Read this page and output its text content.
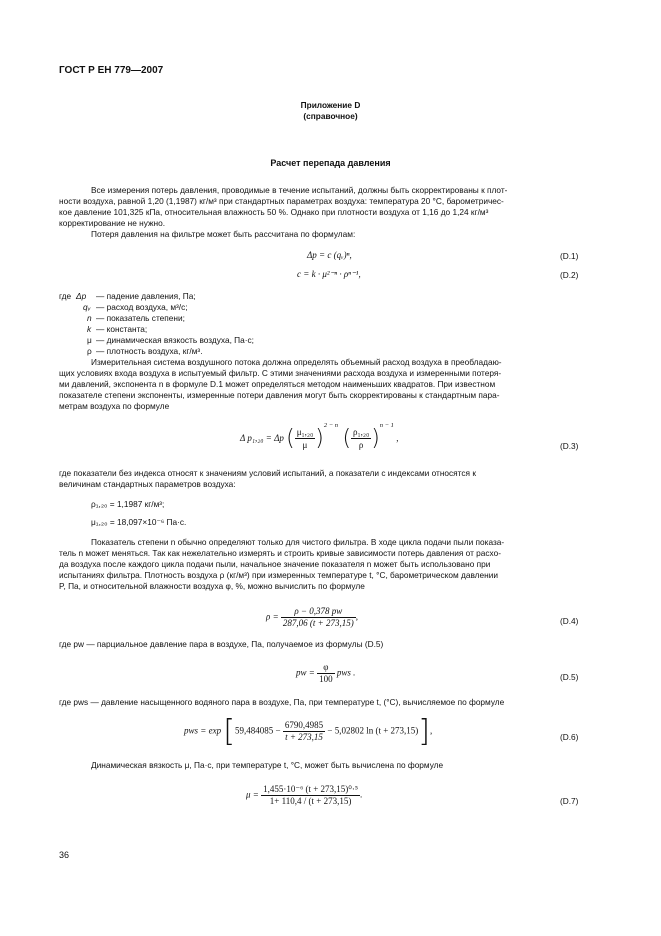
ГОСТ Р ЕН 779—2007
Приложение D
(справочное)
Расчет перепада давления
Все измерения потерь давления, проводимые в течение испытаний, должны быть скорректированы к плот-
ности воздуха, равной 1,20 (1,1987) кг/м³ при стандартных параметрах воздуха: температура 20 °С, барометричес-
кое давление 101,325 кПа, относительная влажность 50 %. Однако при плотности воздуха от 1,16 до 1,24 кг/м³
корректирование не нужно.
Потеря давления на фильтре может быть рассчитана по формулам:
Δp = c (qᵥ)ⁿ,	(D.1)
c = k · μ²⁻ⁿ · ρⁿ⁻¹,	(D.2)
где Δp — падение давления, Па;
qᵥ — расход воздуха, м³/с;
n — показатель степени;
k — константа;
μ — динамическая вязкость воздуха, Па·с;
ρ — плотность воздуха, кг/м³.
Измерительная система воздушного потока должна определять объемный расход воздуха в преобладаю-
щих условиях входа воздуха в испытуемый фильтр. С этими значениями расхода воздуха и измеренными потеря-
ми давлений, экспонента n в формуле D.1 может определяться методом наименьших квадратов. При известном
показателе степени экспоненты, измеренные потери давления могут быть скорректированы к стандартным пара-
метрам воздуха по формуле
Δ p₁,₂₀ = Δp ( $\frac{\text{μ₁,₂₀}}{\mu} )^{2 - n}$  ( $\frac{\text{ρ₁,₂₀}}{\rho} )^{n - 1}$ ,
(D.3)
где показатели без индекса относят к значениям условий испытаний, а показатели с индексами относятся к
величинам стандартных параметров воздуха:
ρ₁,₂₀ = 1,1987 кг/м³;
μ₁,₂₀ = 18,097×10⁻⁶ Па·с.
Показатель степени n обычно определяют только для чистого фильтра. В ходе цикла подачи пыли показа-
тель n может меняться. Так как нежелательно измерять и строить кривые зависимости потерь давления от расхо-
да воздуха после каждого цикла подачи пыли, начальное значение показателя n может быть использовано при
испытаниях фильтра. Плотность воздуха ρ (кг/м³) при измеренных температуре t, °С, барометрическом давлении
P, Па, и относительной влажности воздуха φ, %, можно вычислить по формуле
$\rho = \frac{\rho - 0,378 pw}{287,06 (t + 273,15)}$ ,	(D.4)
где pw — парциальное давление пара в воздухе, Па, получаемое из формулы (D.5)
pw = $\frac{\varphi}{100}$ pws .	(D.5)
где pws — давление насыщенного водяного пара в воздухе, Па, при температуре t, (°С), вычисляемое по формуле
pws = $\exp [59,484085 - \frac{6790,4985}{t + 273,15} - 5,02802$ ln (t + 273,15)],
(D.6)
Динамическая вязкость μ, Па·с, при температуре t, °С, может быть вычислена по формуле
$\mu = \frac{\text{1,455·10⁻⁶ (t + 273,15)⁰·⁵}}{1+ 110,4 / (t + 273,15)}$ .
(D.7)
36
